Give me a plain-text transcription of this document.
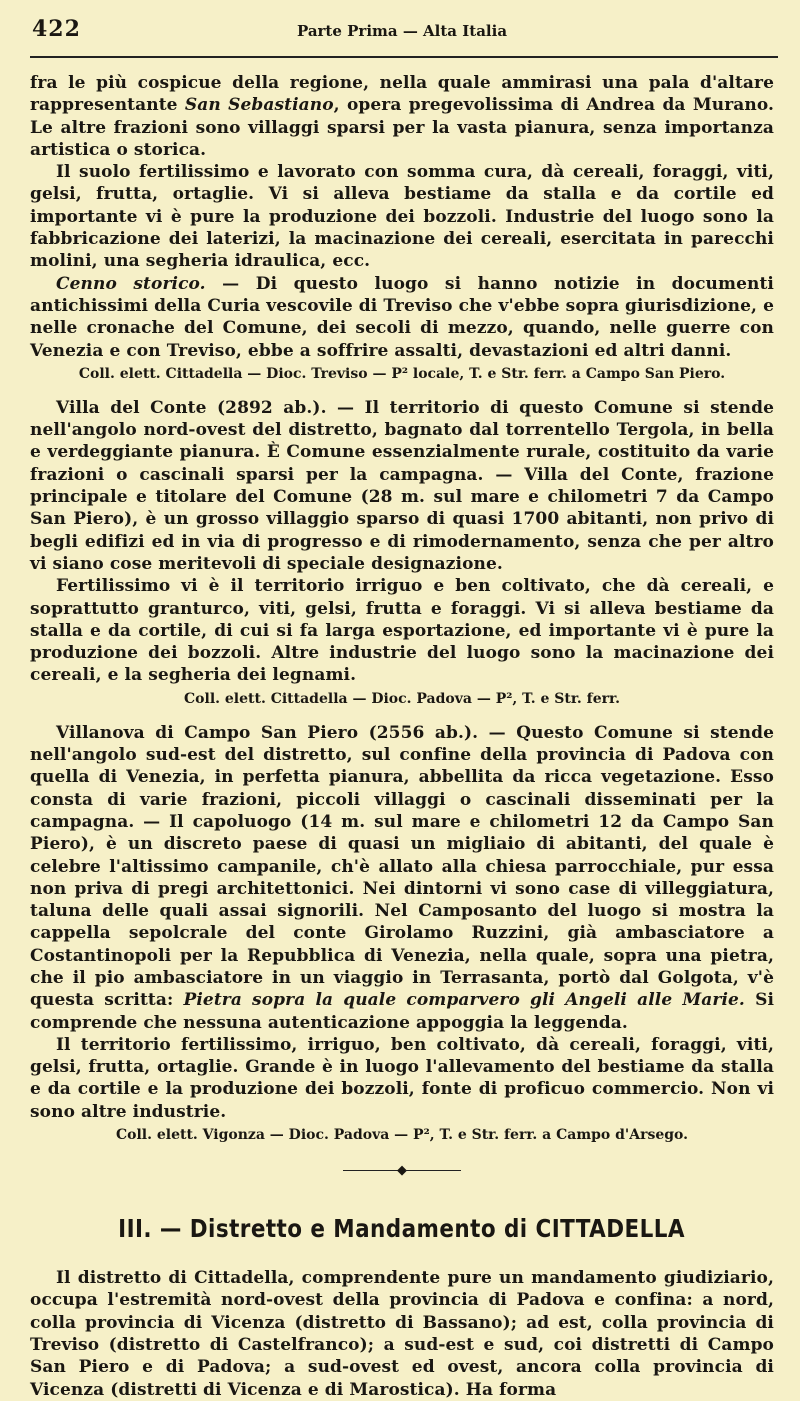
422	Parte Prima — Alta Italia

fra le più cospicue della regione, nella quale ammirasi una pala d'altare rappresentante San Sebastiano, opera pregevolissima di Andrea da Murano. Le altre frazioni sono villaggi sparsi per la vasta pianura, senza importanza artistica o storica.

Il suolo fertilissimo e lavorato con somma cura, dà cereali, foraggi, viti, gelsi, frutta, ortaglie. Vi si alleva bestiame da stalla e da cortile ed importante vi è pure la produzione dei bozzoli. Industrie del luogo sono la fabbricazione dei laterizi, la macinazione dei cereali, esercitata in parecchi molini, una segheria idraulica, ecc.

Cenno storico. — Di questo luogo si hanno notizie in documenti antichissimi della Curia vescovile di Treviso che v'ebbe sopra giurisdizione, e nelle cronache del Comune, dei secoli di mezzo, quando, nelle guerre con Venezia e con Treviso, ebbe a soffrire assalti, devastazioni ed altri danni.

Coll. elett. Cittadella — Dioc. Treviso — P² locale, T. e Str. ferr. a Campo San Piero.

Villa del Conte (2892 ab.). — Il territorio di questo Comune si stende nell'angolo nord-ovest del distretto, bagnato dal torrentello Tergola, in bella e verdeggiante pianura. È Comune essenzialmente rurale, costituito da varie frazioni o cascinali sparsi per la campagna. — Villa del Conte, frazione principale e titolare del Comune (28 m. sul mare e chilometri 7 da Campo San Piero), è un grosso villaggio sparso di quasi 1700 abitanti, non privo di begli edifizi ed in via di progresso e di rimodernamento, senza che per altro vi siano cose meritevoli di speciale designazione.

Fertilissimo vi è il territorio irriguo e ben coltivato, che dà cereali, e soprattutto granturco, viti, gelsi, frutta e foraggi. Vi si alleva bestiame da stalla e da cortile, di cui si fa larga esportazione, ed importante vi è pure la produzione dei bozzoli. Altre industrie del luogo sono la macinazione dei cereali, e la segheria dei legnami.

Coll. elett. Cittadella — Dioc. Padova — P², T. e Str. ferr.

Villanova di Campo San Piero (2556 ab.). — Questo Comune si stende nell'angolo sud-est del distretto, sul confine della provincia di Padova con quella di Venezia, in perfetta pianura, abbellita da ricca vegetazione. Esso consta di varie frazioni, piccoli villaggi o cascinali disseminati per la campagna. — Il capoluogo (14 m. sul mare e chilometri 12 da Campo San Piero), è un discreto paese di quasi un migliaio di abitanti, del quale è celebre l'altissimo campanile, ch'è allato alla chiesa parrocchiale, pur essa non priva di pregi architettonici. Nei dintorni vi sono case di villeggiatura, taluna delle quali assai signorili. Nel Camposanto del luogo si mostra la cappella sepolcrale del conte Girolamo Ruzzini, già ambasciatore a Costantinopoli per la Repubblica di Venezia, nella quale, sopra una pietra, che il pio ambasciatore in un viaggio in Terrasanta, portò dal Golgota, v'è questa scritta: Pietra sopra la quale comparvero gli Angeli alle Marie. Si comprende che nessuna autenticazione appoggia la leggenda.

Il territorio fertilissimo, irriguo, ben coltivato, dà cereali, foraggi, viti, gelsi, frutta, ortaglie. Grande è in luogo l'allevamento del bestiame da stalla e da cortile e la produzione dei bozzoli, fonte di proficuo commercio. Non vi sono altre industrie.

Coll. elett. Vigonza — Dioc. Padova — P², T. e Str. ferr. a Campo d'Arsego.
◆
III. — Distretto e Mandamento di CITTADELLA

Il distretto di Cittadella, comprendente pure un mandamento giudiziario, occupa l'estremità nord-ovest della provincia di Padova e confina: a nord, colla provincia di Vicenza (distretto di Bassano); ad est, colla provincia di Treviso (distretto di Castelfranco); a sud-est e sud, coi distretti di Campo San Piero e di Padova; a sud-ovest ed ovest, ancora colla provincia di Vicenza (distretti di Vicenza e di Marostica). Ha forma
